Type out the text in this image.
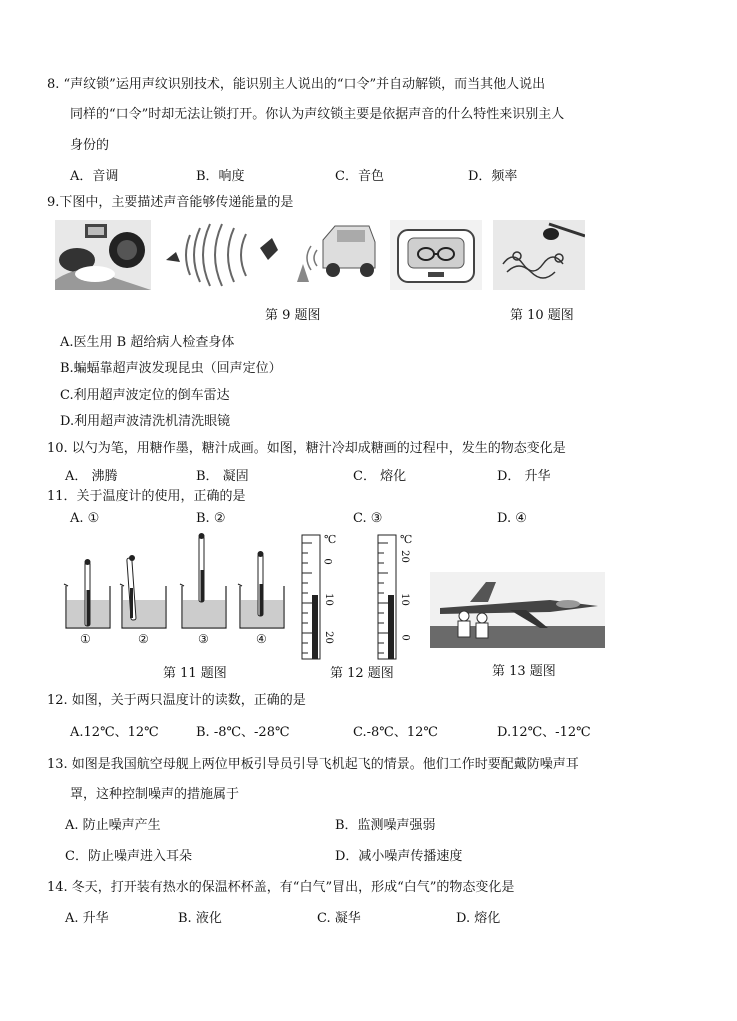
8. “声纹锁”运用声纹识别技术，能识别主人说出的“口令”并自动解锁，而当其他人说出
同样的“口令”时却无法让锁打开。你认为声纹锁主要是依据声音的什么特性来识别主人
身份的
A．音调	B．响度	C．音色	D．频率
9.下图中，主要描述声音能够传递能量的是
第 9 题图	第 10 题图
A.医生用 B 超给病人检查身体
B.蝙蝠靠超声波发现昆虫（回声定位）
C.利用超声波定位的倒车雷达
D.利用超声波清洗机清洗眼镜
10. 以勺为笔，用糖作墨，糖汁成画。如图，糖汁冷却成糖画的过程中，发生的物态变化是
A． 沸腾	B． 凝固	C． 熔化	D． 升华
11．关于温度计的使用，正确的是
A. ①	B. ②	C. ③	D. ④
①	②	③	④
℃	℃
0
10
20
20
10
0
第 11 题图	第 12 题图	第 13 题图
12. 如图，关于两只温度计的读数，正确的是
A.12℃、12℃	B. -8℃、-28℃	C.-8℃、12℃	D.12℃、-12℃
13. 如图是我国航空母舰上两位甲板引导员引导飞机起飞的情景。他们工作时要配戴防噪声耳
罩，这种控制噪声的措施属于
A. 防止噪声产生	B．监测噪声强弱
C．防止噪声进入耳朵	D．减小噪声传播速度
14. 冬天，打开装有热水的保温杯杯盖，有“白气”冒出，形成“白气”的物态变化是
A. 升华	B. 液化	C. 凝华	D. 熔化
